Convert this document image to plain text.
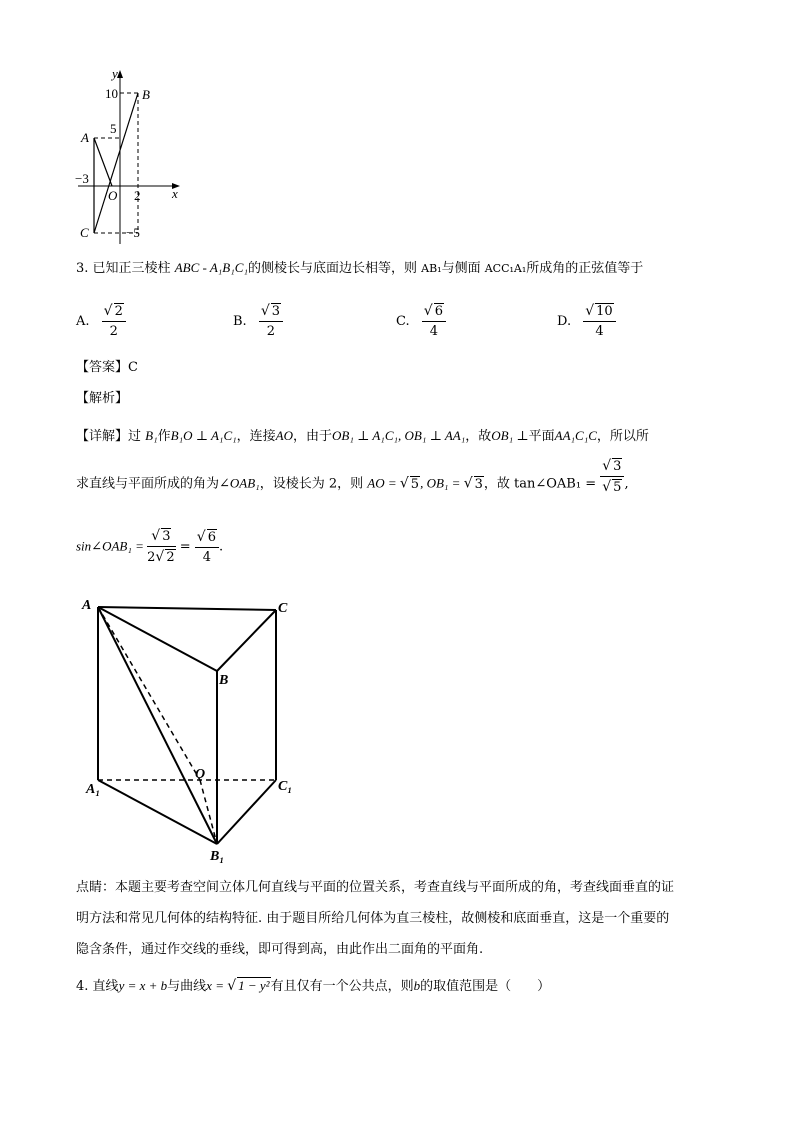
y
x
10
5
−3
O 2
−5
A
B
C
3. 已知正三棱柱 ABC - A₁B₁C₁的侧棱长与底面边长相等，则 AB₁与侧面 ACC₁A₁所成角的正弦值等于
A. $\frac{√ 2}{2}$	B. $\frac{√ 3}{2}$	C. $\frac{√ 6}{4}$	D. $\frac{√ 10}{4}$
【答案】C
【解析】
【详解】过 B₁作B₁O ⊥ A₁C₁，连接AO，由于OB₁ ⊥ A₁C₁, OB₁ ⊥ AA₁，故OB₁ ⊥平面AA₁C₁C，所以所
求直线与平面所成的角为∠OAB₁，设棱长为 2，则 AO = √ 5, OB₁ = √ 3，故 tan∠OAB₁ = $\frac{√ 3}{√ 5}$ ,
sin∠OAB₁ = $\frac{√ 3}{2√ 2} = \frac{√ 6}{4}$ .
A	C
B
O
A₁	C₁
B₁
点睛：本题主要考查空间立体几何直线与平面的位置关系，考查直线与平面所成的角，考查线面垂直的证
明方法和常见几何体的结构特征. 由于题目所给几何体为直三棱柱，故侧棱和底面垂直，这是一个重要的
隐含条件，通过作交线的垂线，即可得到高，由此作出二面角的平面角.
4. 直线y = x + b与曲线x = √ 1 − y²有且仅有一个公共点，则b的取值范围是（　　）
